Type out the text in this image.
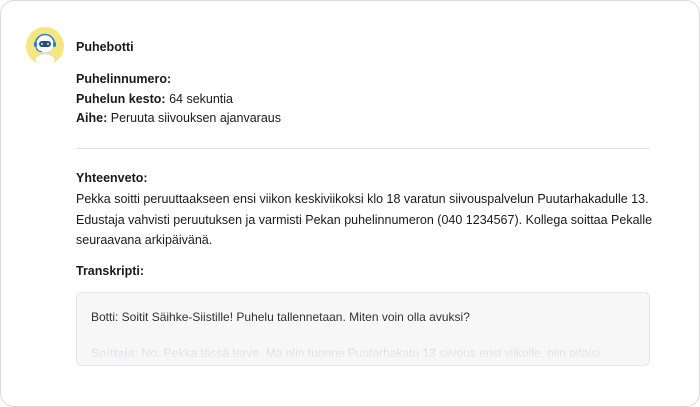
Puhebotti
Puhelinnumero:
Puhelun kesto: 64 sekuntia
Aihe: Peruuta siivouksen ajanvaraus
Yhteenveto:
Pekka soitti peruuttaakseen ensi viikon keskiviikoksi klo 18 varatun siivouspalvelun Puutarhakadulle 13. Edustaja vahvisti peruutuksen ja varmisti Pekan puhelinnumeron (040 1234567). Kollega soittaa Pekalle seuraavana arkipäivänä.
Transkripti:
Botti: Soitit Säihke-Siistille! Puhelu tallennetaan. Miten voin olla avuksi?
